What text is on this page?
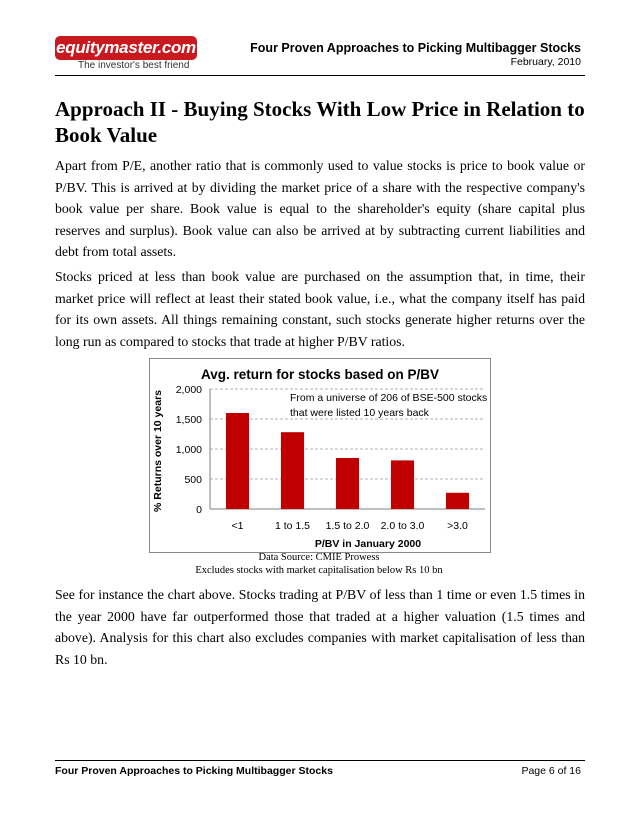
equitymaster.com
The investor's best friend
Four Proven Approaches to Picking Multibagger Stocks
February, 2010
Approach II - Buying Stocks With Low Price in Relation to Book Value

Apart from P/E, another ratio that is commonly used to value stocks is price to book value or P/BV. This is arrived at by dividing the market price of a share with the respective company's book value per share. Book value is equal to the shareholder's equity (share capital plus reserves and surplus). Book value can also be arrived at by subtracting current liabilities and debt from total assets.

Stocks priced at less than book value are purchased on the assumption that, in time, their market price will reflect at least their stated book value, i.e., what the company itself has paid for its own assets. All things remaining constant, such stocks generate higher returns over the long run as compared to stocks that trade at higher P/BV ratios.

Avg. return for stocks based on P/BV
0
500
1,000
1,500
2,000
<1	1 to 1.5 1.5 to 2.0 2.0 to 3.0 >3.0
From a universe of 206 of BSE-500 stocks
that were listed 10 years back
P/BV in January 2000
% Returns over 10 years
Data Source: CMIE Prowess
Excludes stocks with market capitalisation below Rs 10 bn

See for instance the chart above. Stocks trading at P/BV of less than 1 time or even 1.5 times in the year 2000 have far outperformed those that traded at a higher valuation (1.5 times and above). Analysis for this chart also excludes companies with market capitalisation of less than Rs 10 bn.

Four Proven Approaches to Picking Multibagger Stocks	Page 6 of 16
